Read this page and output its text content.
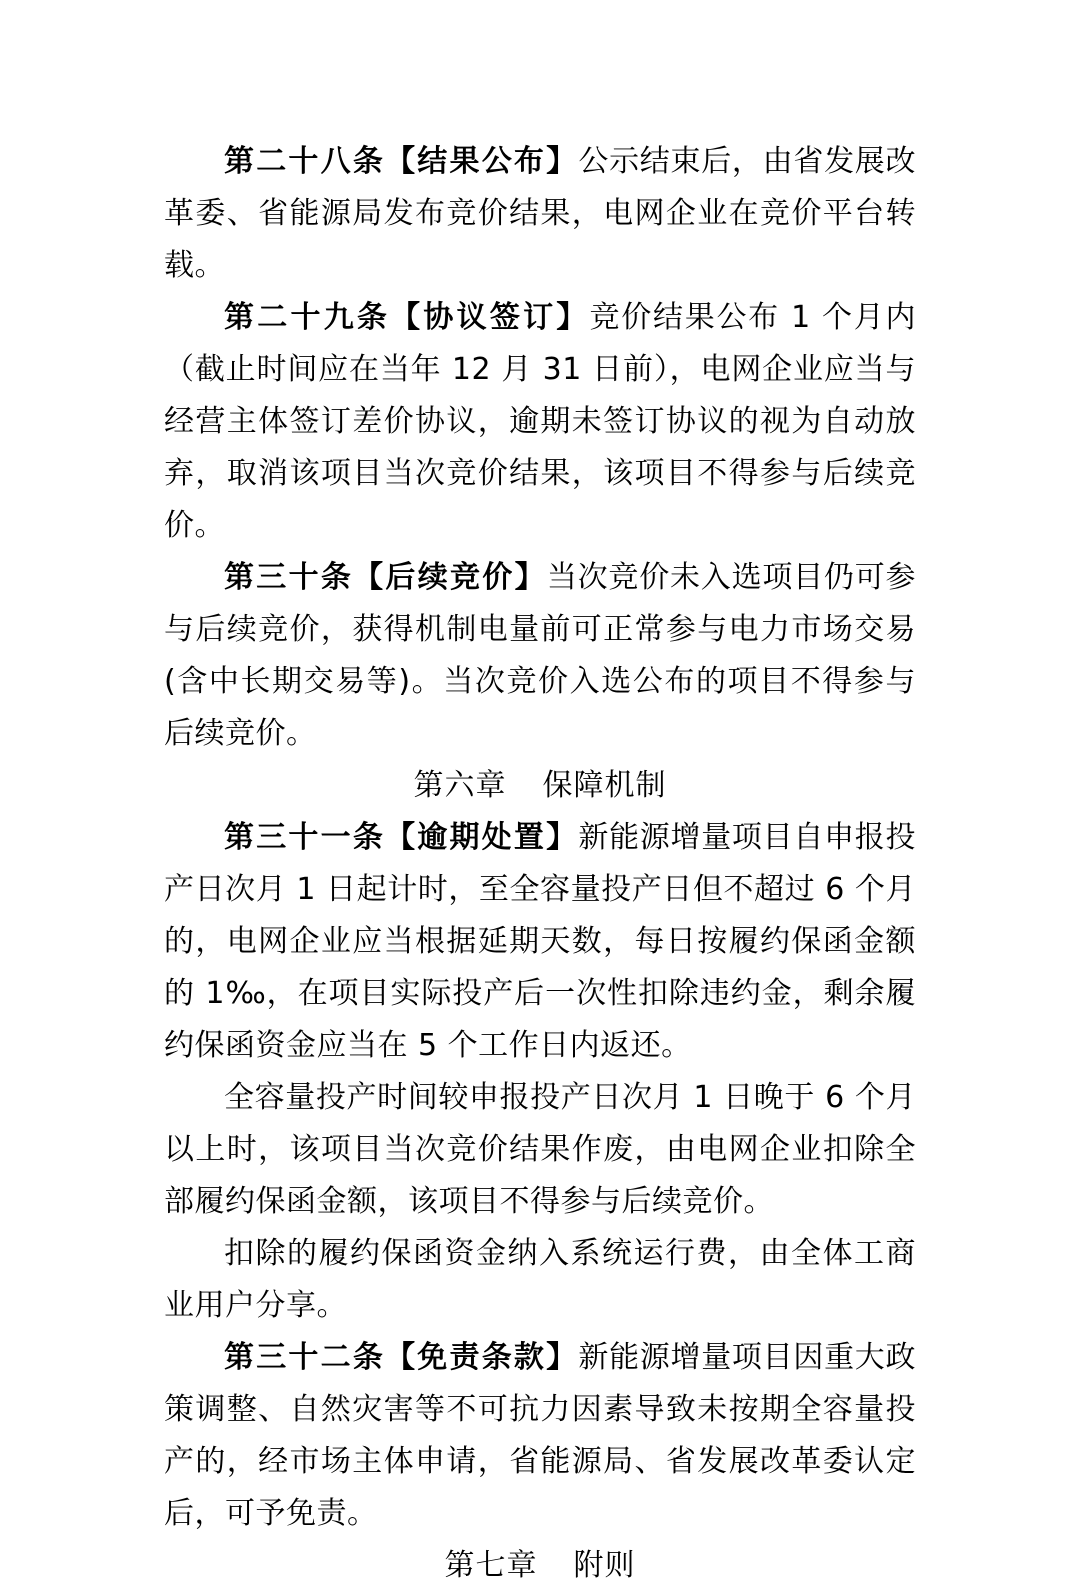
第二十八条【结果公布】公示结束后，由省发展改革委、省能源局发布竞价结果，电网企业在竞价平台转载。

第二十九条【协议签订】竞价结果公布 1 个月内（截止时间应在当年 12 月 31 日前），电网企业应当与经营主体签订差价协议，逾期未签订协议的视为自动放弃，取消该项目当次竞价结果，该项目不得参与后续竞价。

第三十条【后续竞价】当次竞价未入选项目仍可参与后续竞价，获得机制电量前可正常参与电力市场交易(含中长期交易等)。当次竞价入选公布的项目不得参与后续竞价。

第六章 保障机制

第三十一条【逾期处置】新能源增量项目自申报投产日次月 1 日起计时，至全容量投产日但不超过 6 个月的，电网企业应当根据延期天数，每日按履约保函金额的 1‰，在项目实际投产后一次性扣除违约金，剩余履约保函资金应当在 5 个工作日内返还。

全容量投产时间较申报投产日次月 1 日晚于 6 个月以上时，该项目当次竞价结果作废，由电网企业扣除全部履约保函金额，该项目不得参与后续竞价。

扣除的履约保函资金纳入系统运行费，由全体工商业用户分享。

第三十二条【免责条款】新能源增量项目因重大政策调整、自然灾害等不可抗力因素导致未按期全容量投产的，经市场主体申请，省能源局、省发展改革委认定后，可予免责。

第七章 附则
